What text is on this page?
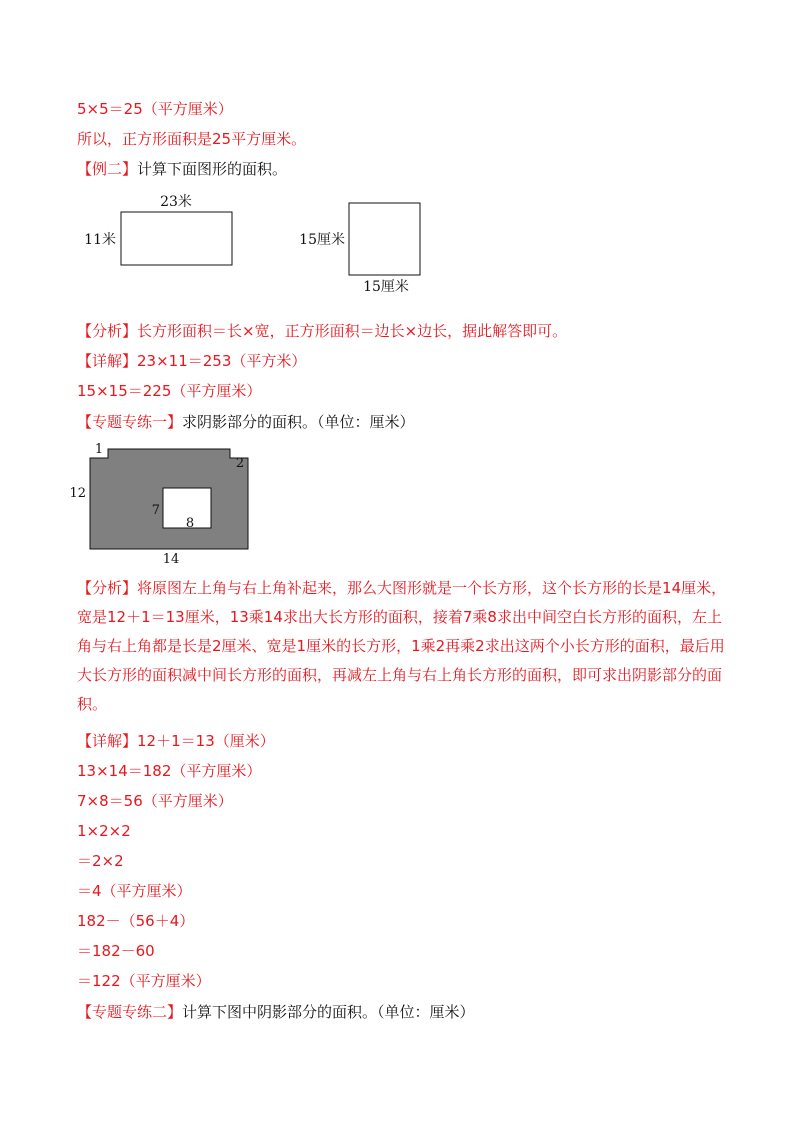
5×5＝25（平方厘米）
所以，正方形面积是25平方厘米。
【例二】计算下面图形的面积。
23米
11米	15厘米
15厘米
【分析】长方形面积＝长×宽，正方形面积＝边长×边长，据此解答即可。
【详解】23×11＝253（平方米）
15×15＝225（平方厘米）
【专题专练一】求阴影部分的面积。（单位：厘米）
1
2
12
7
8
14
【分析】将原图左上角与右上角补起来，那么大图形就是一个长方形，这个长方形的长是14厘米，宽是12＋1＝13厘米，13乘14求出大长方形的面积，接着7乘8求出中间空白长方形的面积，左上角与右上角都是长是2厘米、宽是1厘米的长方形，1乘2再乘2求出这两个小长方形的面积，最后用大长方形的面积减中间长方形的面积，再减左上角与右上角长方形的面积，即可求出阴影部分的面积。
【详解】12＋1＝13（厘米）
13×14＝182（平方厘米）
7×8＝56（平方厘米）
1×2×2
＝2×2
＝4（平方厘米）
182－（56＋4）
＝182－60
＝122（平方厘米）
【专题专练二】计算下图中阴影部分的面积。（单位：厘米）
